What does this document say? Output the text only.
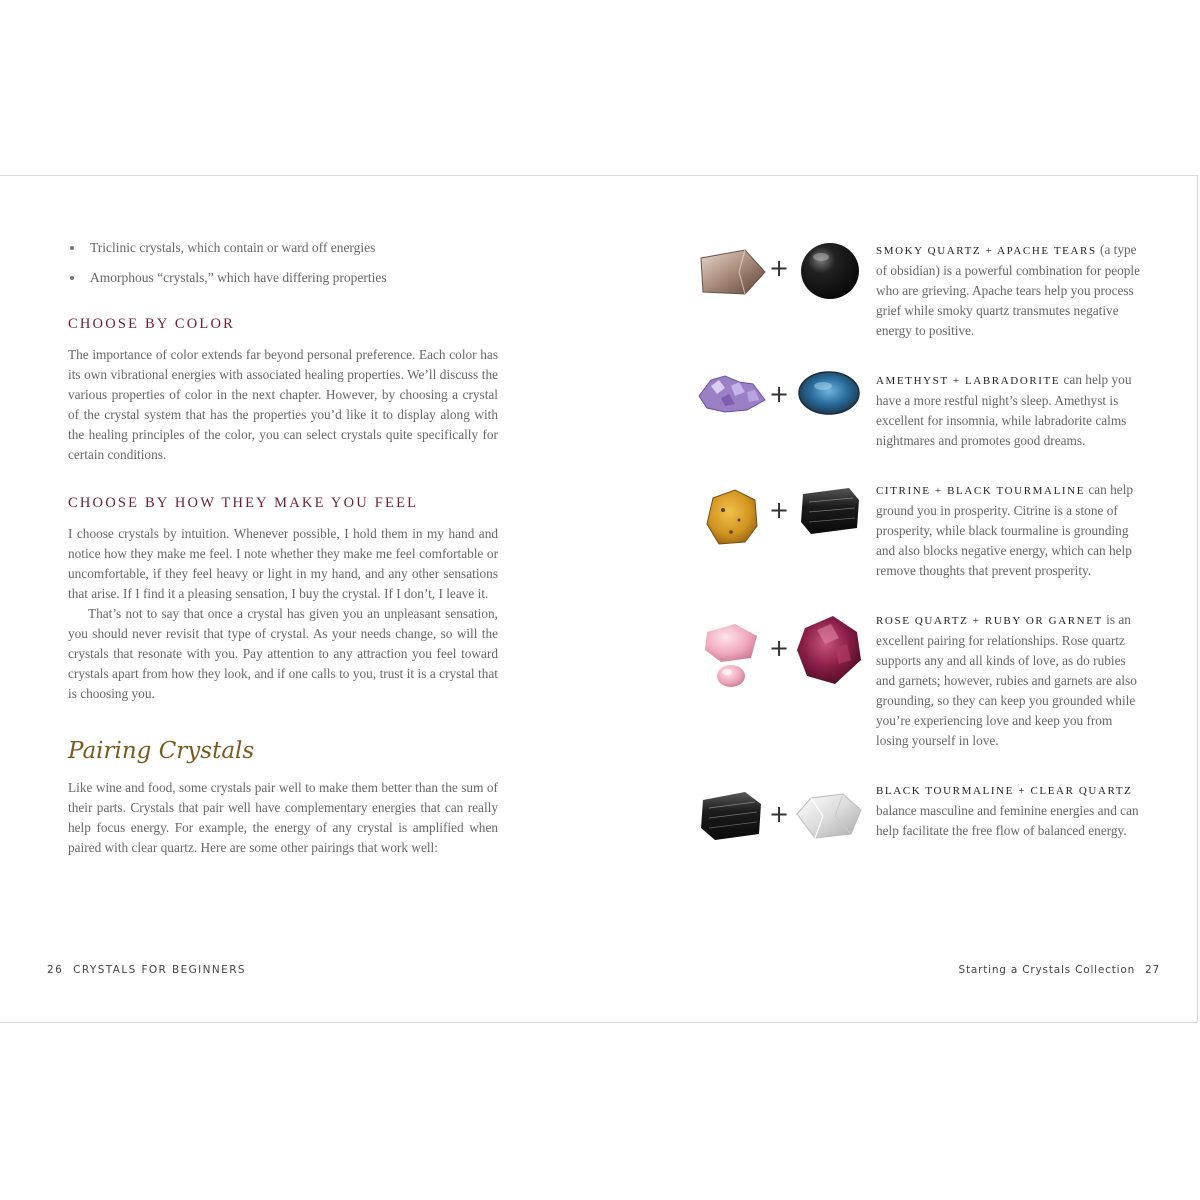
Triclinic crystals, which contain or ward off energies
Amorphous “crystals,” which have differing properties
CHOOSE BY COLOR

The importance of color extends far beyond personal preference. Each color has its own vibrational energies with associated healing properties. We’ll discuss the various properties of color in the next chapter. However, by choosing a crystal of the crystal system that has the properties you’d like it to display along with the healing principles of the color, you can select crystals quite specifically for certain conditions.

CHOOSE BY HOW THEY MAKE YOU FEEL

I choose crystals by intuition. Whenever possible, I hold them in my hand and notice how they make me feel. I note whether they make me feel comfortable or uncomfortable, if they feel heavy or light in my hand, and any other sensations that arise. If I find it a pleasing sensation, I buy the crystal. If I don’t, I leave it.

That’s not to say that once a crystal has given you an unpleasant sensation, you should never revisit that type of crystal. As your needs change, so will the crystals that resonate with you. Pay attention to any attraction you feel toward crystals apart from how they look, and if one calls to you, trust it is a crystal that is choosing you.

Pairing Crystals

Like wine and food, some crystals pair well to make them better than the sum of their parts. Crystals that pair well have complementary energies that can really help focus energy. For example, the energy of any crystal is amplified when paired with clear quartz. Here are some other pairings that work well:

+
SMOKY QUARTZ + APACHE TEARS (a type of obsidian) is a powerful combination for people who are grieving. Apache tears help you process grief while smoky quartz transmutes negative energy to positive.
+	AMETHYST + LABRADORITE can help you have a more restful night’s sleep. Amethyst is excellent for insomnia, while labradorite calms nightmares and promotes good dreams.
+
CITRINE + BLACK TOURMALINE can help ground you in prosperity. Citrine is a stone of prosperity, while black tourmaline is grounding and also blocks negative energy, which can help remove thoughts that prevent prosperity.
+
ROSE QUARTZ + RUBY OR GARNET is an excellent pairing for relationships. Rose quartz supports any and all kinds of love, as do rubies and garnets; however, rubies and garnets are also grounding, so they can keep you grounded while you’re experiencing love and keep you from losing yourself in love.
+
BLACK TOURMALINE + CLEAR QUARTZ balance masculine and feminine energies and can help facilitate the free flow of balanced energy.
26 CRYSTALS FOR BEGINNERS	Starting a Crystals Collection 27
